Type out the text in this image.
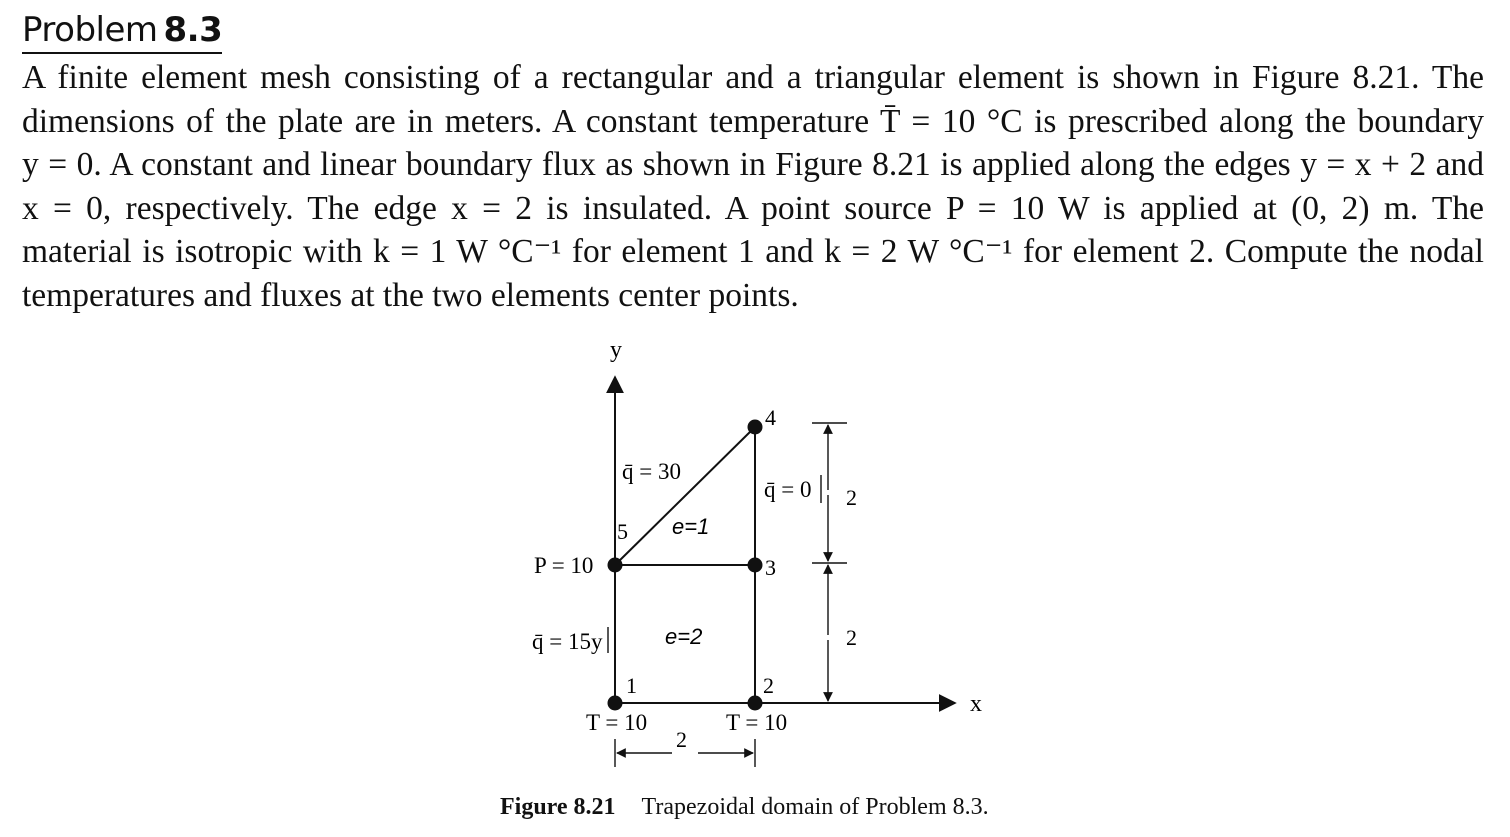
Problem 8.3
A finite element mesh consisting of a rectangular and a triangular element is shown in Figure 8.21. The
dimensions of the plate are in meters. A constant temperature T̄ = 10 °C is prescribed along the boundary
y = 0. A constant and linear boundary flux as shown in Figure 8.21 is applied along the edges y = x + 2 and
x = 0, respectively. The edge x = 2 is insulated. A point source P = 10 W is applied at (0, 2) m. The
material is isotropic with k = 1 W °C⁻¹ for element 1 and k = 2 W °C⁻¹ for element 2. Compute the nodal
temperatures and fluxes at the two elements center points.
y
x
1	2
3
4
5 e=1
e=2
q̄ = 30
q̄ = 0
q̄ = 15y
P = 10
T = 10	T = 10
2
2
2
Figure 8.21 Trapezoidal domain of Problem 8.3.
